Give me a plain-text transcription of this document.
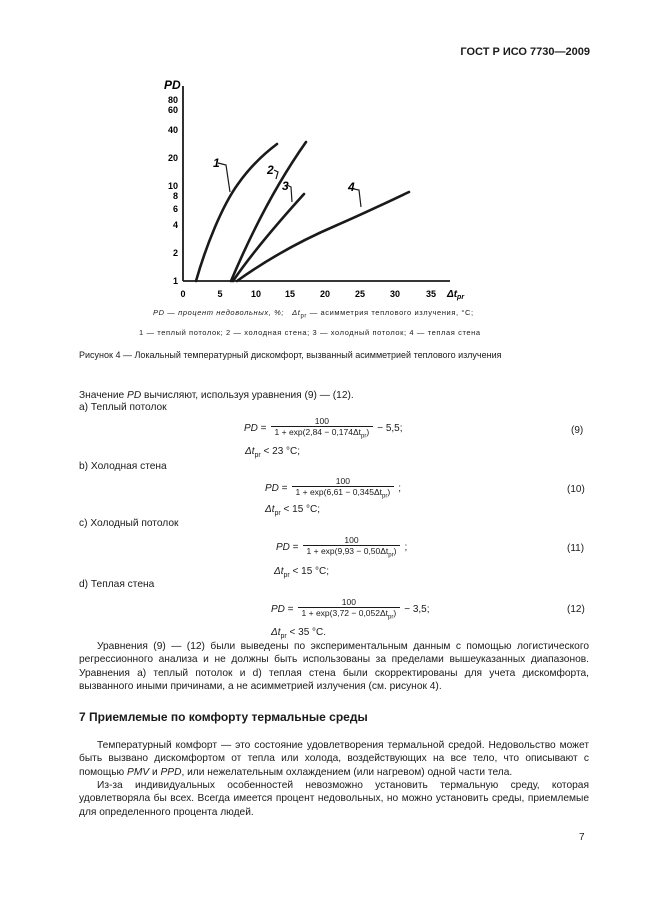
ГОСТ Р ИСО 7730—2009
PD
80
60
40
20
10
8
6
4
2
1
0	5	10	15	20	25	30	35 $\Delta t_{pr}$
1	2
3	4
PD — процент недовольных, %; $\Delta t_{pr}$ — асимметрия теплового излучения, °С;
1 — теплый потолок; 2 — холодная стена; 3 — холодный потолок; 4 — теплая стена
Рисунок 4 — Локальный температурный дискомфорт, вызванный асимметрией теплового излучения
Значение PD вычисляют, используя уравнения (9) — (12).
a) Теплый потолок
PD = $\frac{100}{1 + \exp(2,84 - 0,174\Delta t_{pr})} - 5,5$;	(9)
$\Delta t_{pr} < 23$ °С;
b) Холодная стена
PD = $\frac{100}{1 + \exp(6,61 - 0,345\Delta t_{pr})}$ ;	(10)
$\Delta t_{pr} < 15$ °С;
c) Холодный потолок
PD = $\frac{100}{1 + \exp(9,93 - 0,50\Delta t_{pr})}$ ;	(11)
$\Delta t_{pr} < 15$ °С;
d) Теплая стена
PD = $\frac{100}{1 + \exp(3,72 - 0,052\Delta t_{pr})} - 3,5$;	(12)
$\Delta t_{pr} < 35$ °С.
Уравнения (9) — (12) были выведены по экспериментальным данным с помощью логистического регрессионного анализа и не должны быть использованы за пределами вышеуказанных диапазонов. Уравнения а) теплый потолок и d) теплая стена были скорректированы для учета дискомфорта, вызванного иными причинами, а не асимметрией излучения (см. рисунок 4).
7 Приемлемые по комфорту термальные среды
Температурный комфорт — это состояние удовлетворения термальной средой. Недовольство может быть вызвано дискомфортом от тепла или холода, воздействующих на все тело, что описывают с помощью PMV и PPD, или нежелательным охлаждением (или нагревом) одной части тела.
Из-за индивидуальных особенностей невозможно установить термальную среду, которая удовлетворяла бы всех. Всегда имеется процент недовольных, но можно установить среды, приемлемые для определенного процента людей.
7
